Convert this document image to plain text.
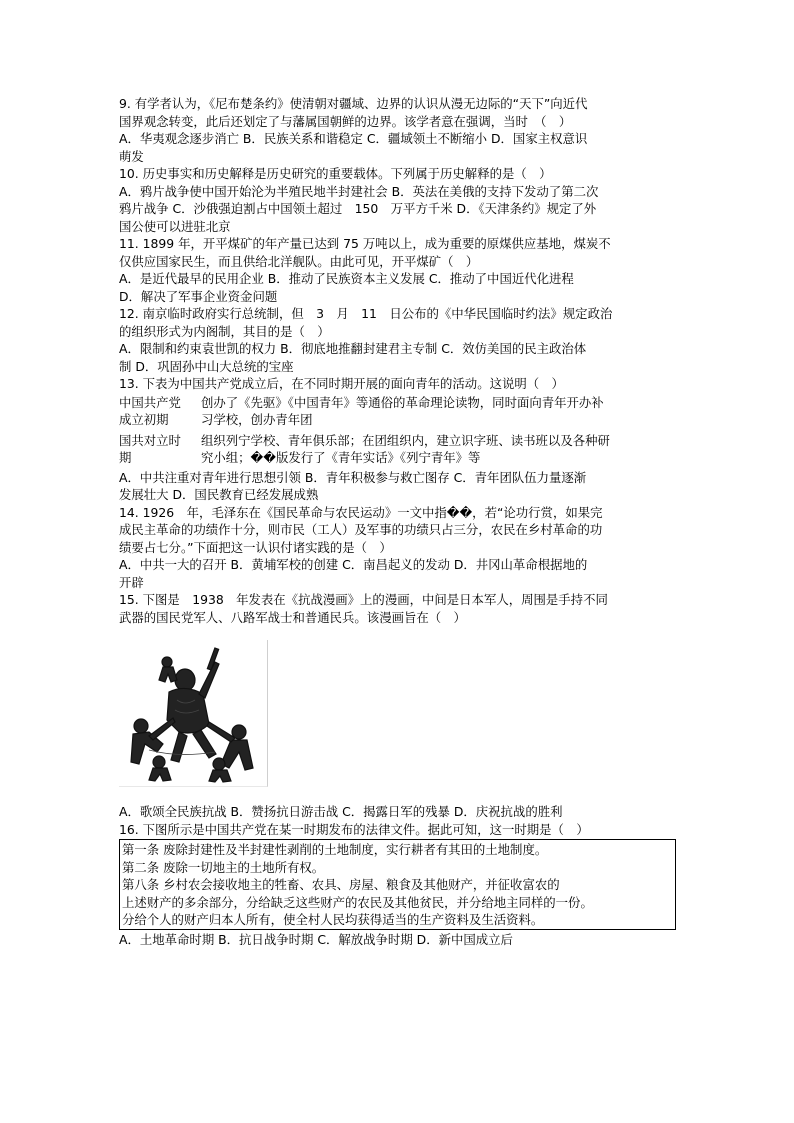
9. 有学者认为，《尼布楚条约》使清朝对疆域、边界的认识从漫无边际的“天下”向近代
国界观念转变，此后还划定了与藩属国朝鲜的边界。该学者意在强调，当时　（　）
A．华夷观念逐步消亡 B．民族关系和谐稳定 C．疆域领土不断缩小 D．国家主权意识
萌发
10. 历史事实和历史解释是历史研究的重要载体。下列属于历史解释的是（　）
A．鸦片战争使中国开始沦为半殖民地半封建社会 B．英法在美俄的支持下发动了第二次
鸦片战争 C．沙俄强迫割占中国领土超过　150　万平方千米 D．《天津条约》规定了外
国公使可以进驻北京
11. 1899 年，开平煤矿的年产量已达到 75 万吨以上，成为重要的原煤供应基地，煤炭不
仅供应国家民生，而且供给北洋舰队。由此可见，开平煤矿（　）
A．是近代最早的民用企业 B．推动了民族资本主义发展 C．推动了中国近代化进程
D．解决了军事企业资金问题
12. 南京临时政府实行总统制，但　3　月　11　日公布的《中华民国临时约法》规定政治
的组织形式为内阁制，其目的是（　）
A．限制和约束袁世凯的权力 B．彻底地推翻封建君主专制 C．效仿美国的民主政治体
制 D．巩固孙中山大总统的宝座
13. 下表为中国共产党成立后，在不同时期开展的面向青年的活动。这说明（　）
中国共产党
成立初期
创办了《先驱》《中国青年》等通俗的革命理论读物，同时面向青年开办补
习学校，创办青年团
国共对立时
期
组织列宁学校、青年俱乐部；在团组织内，建立识字班、读书班以及各种研
究小组；��版发行了《青年实话》《列宁青年》等
A．中共注重对青年进行思想引领 B．青年积极参与救亡图存 C．青年团队伍力量逐渐
发展壮大 D．国民教育已经发展成熟
14. 1926　年，毛泽东在《国民革命与农民运动》一文中指��，若“论功行赏，如果完
成民主革命的功绩作十分，则市民（工人）及军事的功绩只占三分，农民在乡村革命的功
绩要占七分。”下面把这一认识付诸实践的是（　）
A．中共一大的召开 B．黄埔军校的创建 C．南昌起义的发动 D．井冈山革命根据地的
开辟
15. 下图是　1938　年发表在《抗战漫画》上的漫画，中间是日本军人，周围是手持不同
武器的国民党军人、八路军战士和普通民兵。该漫画旨在（　）
A．歌颂全民族抗战 B．赞扬抗日游击战 C．揭露日军的残暴 D．庆祝抗战的胜利
16. 下图所示是中国共产党在某一时期发布的法律文件。据此可知，这一时期是（　）
第一条 废除封建性及半封建性剥削的土地制度，实行耕者有其田的土地制度。
第二条 废除一切地主的土地所有权。
第八条 乡村农会接收地主的牲畜、农具、房屋、粮食及其他财产，并征收富农的
上述财产的多余部分，分给缺乏这些财产的农民及其他贫民，并分给地主同样的一份。
分给个人的财产归本人所有，使全村人民均获得适当的生产资料及生活资料。
A．土地革命时期 B．抗日战争时期 C．解放战争时期 D．新中国成立后
